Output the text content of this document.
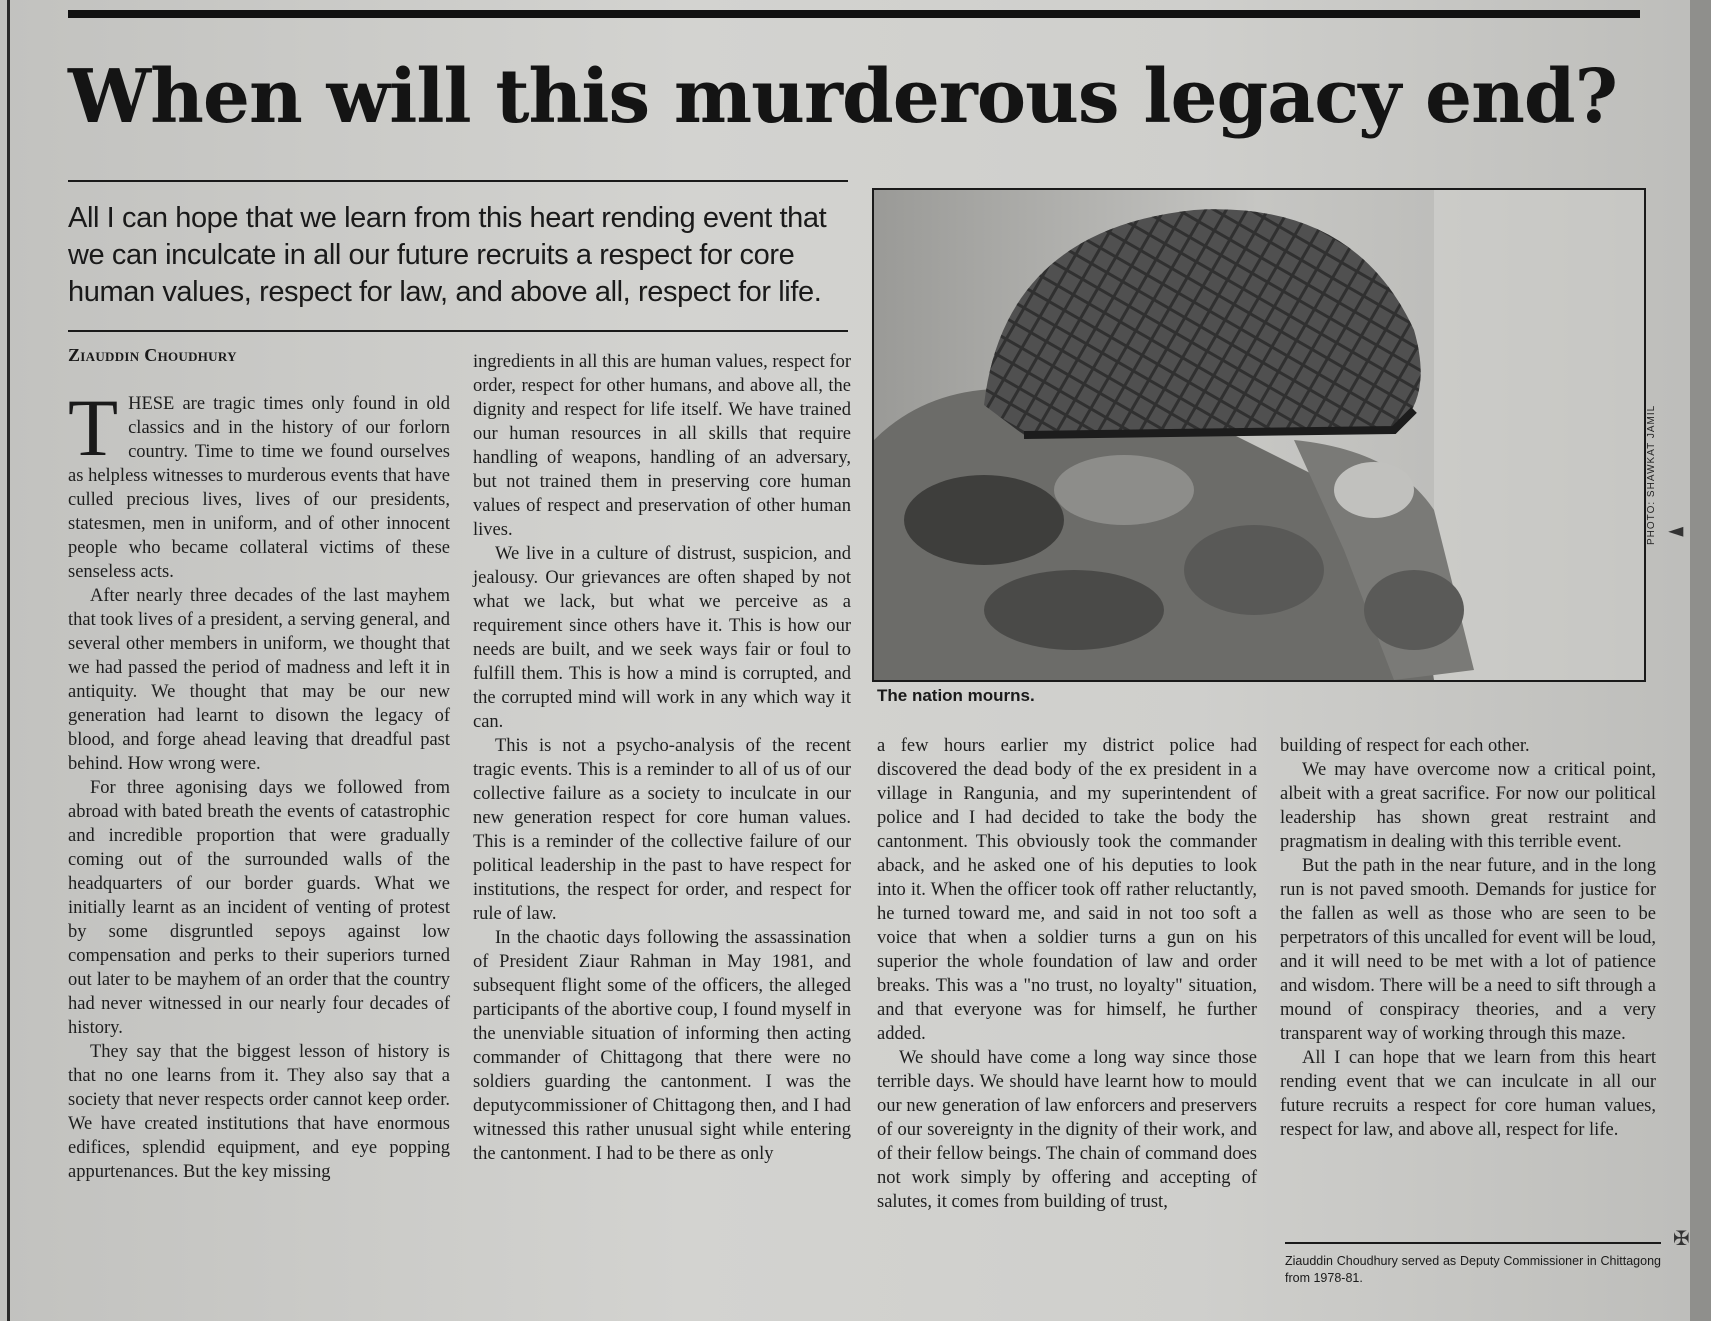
When will this murderous legacy end?
All I can hope that we learn from this heart rending event that we can inculcate in all our future recruits a respect for core human values, respect for law, and above all, respect for life.
Ziauddin Choudhury

THESE are tragic times only found in old classics and in the history of our forlorn country. Time to time we found ourselves as helpless witnesses to murderous events that have culled precious lives, lives of our presidents, statesmen, men in uniform, and of other innocent people who became collateral victims of these senseless acts.

After nearly three decades of the last mayhem that took lives of a president, a serving general, and several other members in uniform, we thought that we had passed the period of madness and left it in antiquity. We thought that may be our new generation had learnt to disown the legacy of blood, and forge ahead leaving that dreadful past behind. How wrong were.

For three agonising days we followed from abroad with bated breath the events of catastrophic and incredible proportion that were gradually coming out of the surrounded walls of the headquarters of our border guards. What we initially learnt as an incident of venting of protest by some disgruntled sepoys against low compensation and perks to their superiors turned out later to be mayhem of an order that the country had never witnessed in our nearly four decades of history.

They say that the biggest lesson of history is that no one learns from it. They also say that a society that never respects order cannot keep order. We have created institutions that have enormous edifices, splendid equipment, and eye popping appurtenances. But the key missing

ingredients in all this are human values, respect for order, respect for other humans, and above all, the dignity and respect for life itself. We have trained our human resources in all skills that require handling of weapons, handling of an adversary, but not trained them in preserving core human values of respect and preservation of other human lives.

We live in a culture of distrust, suspicion, and jealousy. Our grievances are often shaped by not what we lack, but what we perceive as a requirement since others have it. This is how our needs are built, and we seek ways fair or foul to fulfill them. This is how a mind is corrupted, and the corrupted mind will work in any which way it can.

This is not a psycho-analysis of the recent tragic events. This is a reminder to all of us of our collective failure as a society to inculcate in our new generation respect for core human values. This is a reminder of the collective failure of our political leadership in the past to have respect for institutions, the respect for order, and respect for rule of law.

In the chaotic days following the assassination of President Ziaur Rahman in May 1981, and subsequent flight some of the officers, the alleged participants of the abortive coup, I found myself in the unenviable situation of informing then acting commander of Chittagong that there were no soldiers guarding the cantonment. I was the deputycommissioner of Chittagong then, and I had witnessed this rather unusual sight while entering the cantonment. I had to be there as only

PHOTO: SHAWKAT JAMIL
The nation mourns.

a few hours earlier my district police had discovered the dead body of the ex president in a village in Rangunia, and my superintendent of police and I had decided to take the body the cantonment. This obviously took the commander aback, and he asked one of his deputies to look into it. When the officer took off rather reluctantly, he turned toward me, and said in not too soft a voice that when a soldier turns a gun on his superior the whole foundation of law and order breaks. This was a "no trust, no loyalty" situation, and that everyone was for himself, he further added.

We should have come a long way since those terrible days. We should have learnt how to mould our new generation of law enforcers and preservers of our sovereignty in the dignity of their work, and of their fellow beings. The chain of command does not work simply by offering and accepting of salutes, it comes from building of trust,

building of respect for each other.

We may have overcome now a critical point, albeit with a great sacrifice. For now our political leadership has shown great restraint and pragmatism in dealing with this terrible event.

But the path in the near future, and in the long run is not paved smooth. Demands for justice for the fallen as well as those who are seen to be perpetrators of this uncalled for event will be loud, and it will need to be met with a lot of patience and wisdom. There will be a need to sift through a mound of conspiracy theories, and a very transparent way of working through this maze.

All I can hope that we learn from this heart rending event that we can inculcate in all our future recruits a respect for core human values, respect for law, and above all, respect for life.

Ziauddin Choudhury served as Deputy Commissioner in Chittagong from 1978-81.
◄
✠
